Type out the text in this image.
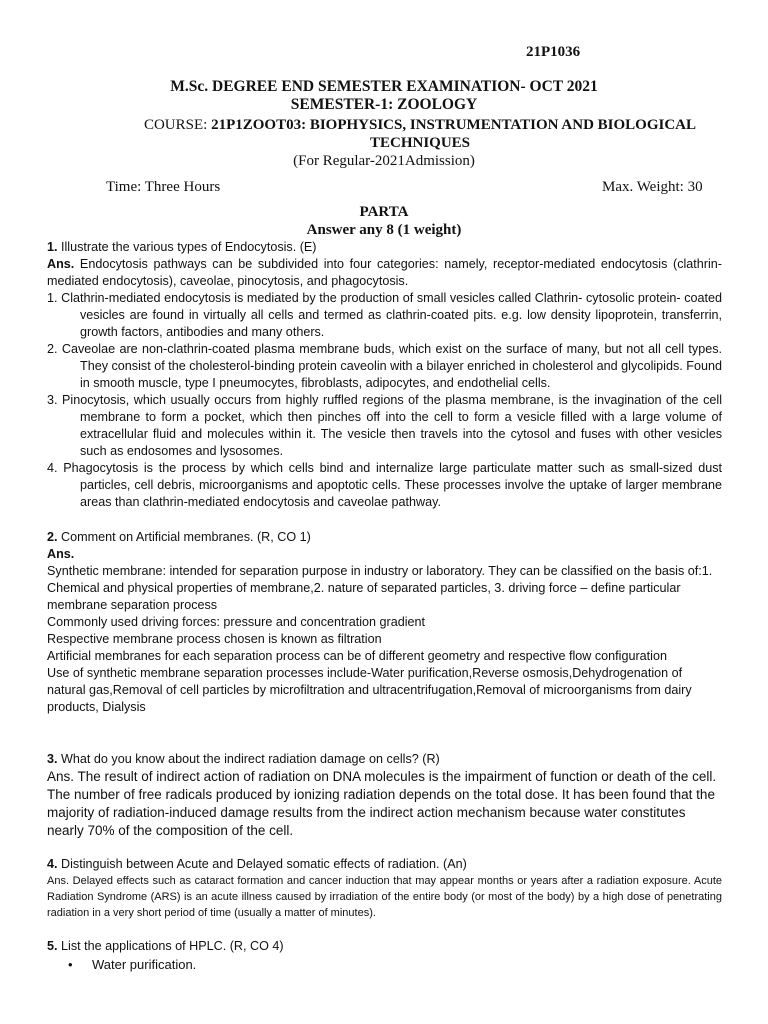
21P1036
M.Sc. DEGREE END SEMESTER EXAMINATION- OCT 2021
SEMESTER-1: ZOOLOGY
COURSE: 21P1ZOOT03: BIOPHYSICS, INSTRUMENTATION AND BIOLOGICAL TECHNIQUES
(For Regular-2021Admission)
Time: Three Hours	Max. Weight: 30
PARTA
Answer any 8 (1 weight)
1. Illustrate the various types of Endocytosis. (E)
Ans. Endocytosis pathways can be subdivided into four categories: namely, receptor-mediated endocytosis (clathrin-mediated endocytosis), caveolae, pinocytosis, and phagocytosis.
1. Clathrin-mediated endocytosis is mediated by the production of small vesicles called Clathrin- cytosolic protein- coated vesicles are found in virtually all cells and termed as clathrin-coated pits. e.g. low density lipoprotein, transferrin, growth factors, antibodies and many others.
2. Caveolae are non-clathrin-coated plasma membrane buds, which exist on the surface of many, but not all cell types. They consist of the cholesterol-binding protein caveolin with a bilayer enriched in cholesterol and glycolipids. Found in smooth muscle, type I pneumocytes, fibroblasts, adipocytes, and endothelial cells.
3. Pinocytosis, which usually occurs from highly ruffled regions of the plasma membrane, is the invagination of the cell membrane to form a pocket, which then pinches off into the cell to form a vesicle filled with a large volume of extracellular fluid and molecules within it. The vesicle then travels into the cytosol and fuses with other vesicles such as endosomes and lysosomes.
4. Phagocytosis is the process by which cells bind and internalize large particulate matter such as small-sized dust particles, cell debris, microorganisms and apoptotic cells. These processes involve the uptake of larger membrane areas than clathrin-mediated endocytosis and caveolae pathway.
2. Comment on Artificial membranes. (R, CO 1)
Ans.
Synthetic membrane: intended for separation purpose in industry or laboratory. They can be classified on the basis of:1. Chemical and physical properties of membrane,2. nature of separated particles, 3. driving force – define particular membrane separation process
Commonly used driving forces: pressure and concentration gradient
Respective membrane process chosen is known as filtration
Artificial membranes for each separation process can be of different geometry and respective flow configuration
Use of synthetic membrane separation processes include-Water purification,Reverse osmosis,Dehydrogenation of natural gas,Removal of cell particles by microfiltration and ultracentrifugation,Removal of microorganisms from dairy products, Dialysis
3. What do you know about the indirect radiation damage on cells? (R)
Ans. The result of indirect action of radiation on DNA molecules is the impairment of function or death of the cell. The number of free radicals produced by ionizing radiation depends on the total dose. It has been found that the majority of radiation-induced damage results from the indirect action mechanism because water constitutes nearly 70% of the composition of the cell.
4. Distinguish between Acute and Delayed somatic effects of radiation. (An)
Ans. Delayed effects such as cataract formation and cancer induction that may appear months or years after a radiation exposure. Acute Radiation Syndrome (ARS) is an acute illness caused by irradiation of the entire body (or most of the body) by a high dose of penetrating radiation in a very short period of time (usually a matter of minutes).
5. List the applications of HPLC. (R, CO 4)
• Water purification.
